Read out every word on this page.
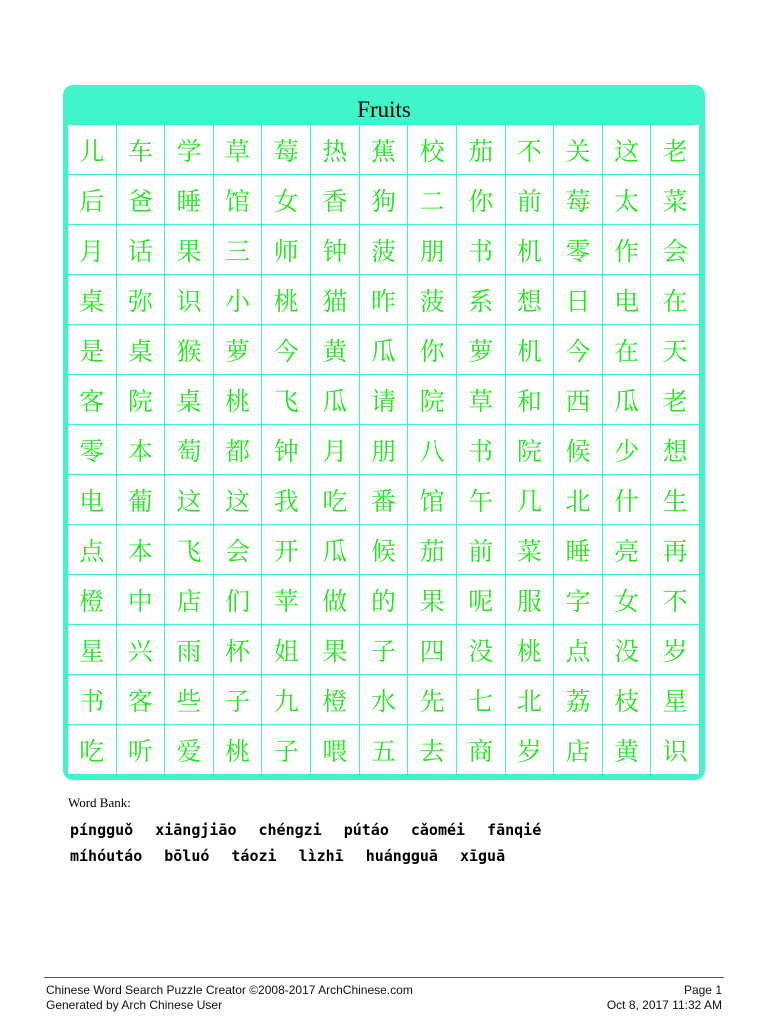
Fruits
儿 车 学 草 莓 热 蕉 校 茄 不 关 这 老
后 爸 睡 馆 女 香 狗 二 你 前 莓 太 菜
月 话 果 三 师 钟 菠 朋 书 机 零 作 会
桌 弥 识 小 桃 猫 昨 菠 系 想 日 电 在
是 桌 猴 萝 今 黄 瓜 你 萝 机 今 在 天
客 院 桌 桃 飞 瓜 请 院 草 和 西 瓜 老
零 本 萄 都 钟 月 朋 八 书 院 候 少 想
电 葡 这 这 我 吃 番 馆 午 几 北 什 生
点 本 飞 会 开 瓜 候 茄 前 菜 睡 亮 再
橙 中 店 们 苹 做 的 果 呢 服 字 女 不
星 兴 雨 杯 姐 果 子 四 没 桃 点 没 岁
书 客 些 子 九 橙 水 先 七 北 荔 枝 星
吃 听 爱 桃 子 喂 五 去 商 岁 店 黄 识
Word Bank:
píngguǒ xiāngjiāo chéngzi pútáo cǎoméi fānqié
míhóutáo bōluó táozi lìzhī huángguā xīguā
Chinese Word Search Puzzle Creator ©2008-2017 ArchChinese.com
Generated by Arch Chinese User
Page 1
Oct 8, 2017 11:32 AM
